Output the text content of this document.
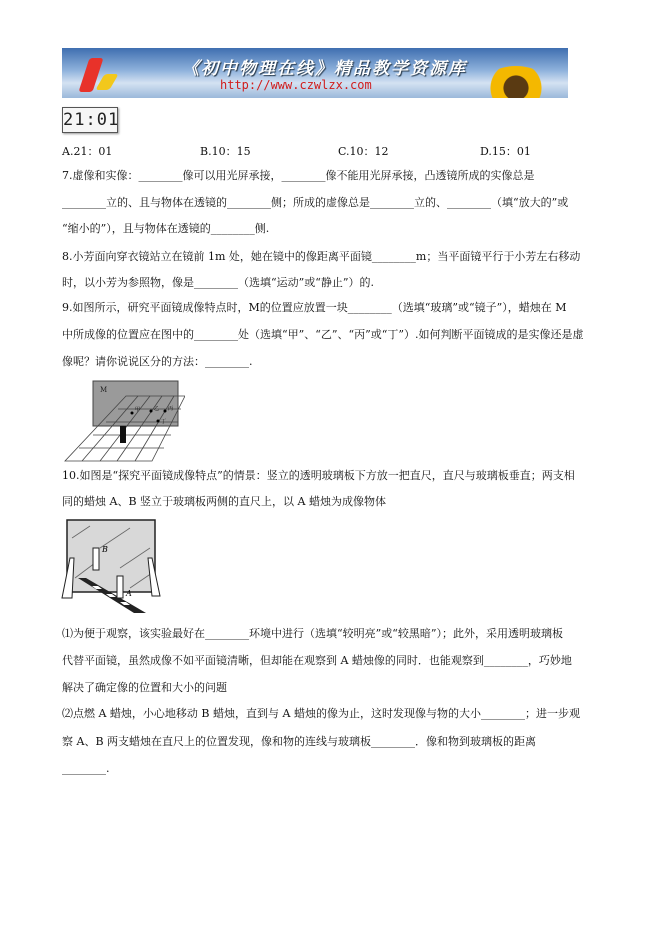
《初中物理在线》精品教学资源库
http://www.czwlzx.com
21:01
A.21：01	B.10：15	C.10：12	D.15：01
7.虚像和实像：________像可以用光屏承接，________像不能用光屏承接，凸透镜所成的实像总是
________立的、且与物体在透镜的________侧；所成的虚像总是________立的、________（填“放大的”或
“缩小的”），且与物体在透镜的________侧.
8.小芳面向穿衣镜站立在镜前 1m 处，她在镜中的像距离平面镜________m；当平面镜平行于小芳左右移动
时，以小芳为参照物，像是________（选填“运动”或“静止”）的.
9.如图所示，研究平面镜成像特点时，M的位置应放置一块________（选填“玻璃”或“镜子”），蜡烛在 M
中所成像的位置应在图中的________处（选填“甲”、“乙”、“丙”或“丁”）.如何判断平面镜成的是实像还是虚
像呢？请你说说区分的方法：________.
M
甲	乙 丙
丁
10.如图是“探究平面镜成像特点”的情景：竖立的透明玻璃板下方放一把直尺，直尺与玻璃板垂直；两支相
同的蜡烛 A、B 竖立于玻璃板两侧的直尺上，以 A 蜡烛为成像物体
B
A
⑴为便于观察，该实验最好在________环境中进行（选填“较明亮”或“较黑暗”）；此外，采用透明玻璃板
代替平面镜，虽然成像不如平面镜清晰，但却能在观察到 A 蜡烛像的同时．也能观察到________，巧妙地
解决了确定像的位置和大小的问题
⑵点燃 A 蜡烛，小心地移动 B 蜡烛，直到与 A 蜡烛的像为止，这时发现像与物的大小________；进一步观
察 A、B 两支蜡烛在直尺上的位置发现，像和物的连线与玻璃板________．像和物到玻璃板的距离
________.
